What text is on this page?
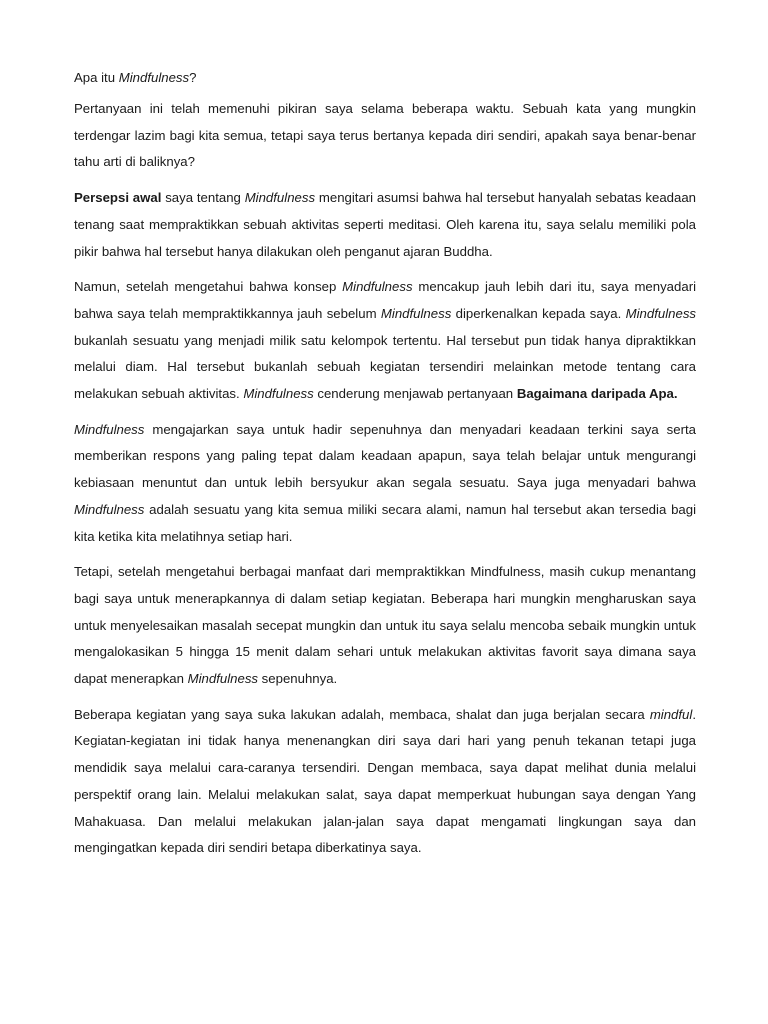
Apa itu Mindfulness?

Pertanyaan ini telah memenuhi pikiran saya selama beberapa waktu. Sebuah kata yang mungkin terdengar lazim bagi kita semua, tetapi saya terus bertanya kepada diri sendiri, apakah saya benar-benar tahu arti di baliknya?

Persepsi awal saya tentang Mindfulness mengitari asumsi bahwa hal tersebut hanyalah sebatas keadaan tenang saat mempraktikkan sebuah aktivitas seperti meditasi. Oleh karena itu, saya selalu memiliki pola pikir bahwa hal tersebut hanya dilakukan oleh penganut ajaran Buddha.

Namun, setelah mengetahui bahwa konsep Mindfulness mencakup jauh lebih dari itu, saya menyadari bahwa saya telah mempraktikkannya jauh sebelum Mindfulness diperkenalkan kepada saya. Mindfulness bukanlah sesuatu yang menjadi milik satu kelompok tertentu. Hal tersebut pun tidak hanya dipraktikkan melalui diam. Hal tersebut bukanlah sebuah kegiatan tersendiri melainkan metode tentang cara melakukan sebuah aktivitas. Mindfulness cenderung menjawab pertanyaan Bagaimana daripada Apa.

Mindfulness mengajarkan saya untuk hadir sepenuhnya dan menyadari keadaan terkini saya serta memberikan respons yang paling tepat dalam keadaan apapun, saya telah belajar untuk mengurangi kebiasaan menuntut dan untuk lebih bersyukur akan segala sesuatu. Saya juga menyadari bahwa Mindfulness adalah sesuatu yang kita semua miliki secara alami, namun hal tersebut akan tersedia bagi kita ketika kita melatihnya setiap hari.

Tetapi, setelah mengetahui berbagai manfaat dari mempraktikkan Mindfulness, masih cukup menantang bagi saya untuk menerapkannya di dalam setiap kegiatan. Beberapa hari mungkin mengharuskan saya untuk menyelesaikan masalah secepat mungkin dan untuk itu saya selalu mencoba sebaik mungkin untuk mengalokasikan 5 hingga 15 menit dalam sehari untuk melakukan aktivitas favorit saya dimana saya dapat menerapkan Mindfulness sepenuhnya.

Beberapa kegiatan yang saya suka lakukan adalah, membaca, shalat dan juga berjalan secara mindful. Kegiatan-kegiatan ini tidak hanya menenangkan diri saya dari hari yang penuh tekanan tetapi juga mendidik saya melalui cara-caranya tersendiri. Dengan membaca, saya dapat melihat dunia melalui perspektif orang lain. Melalui melakukan salat, saya dapat memperkuat hubungan saya dengan Yang Mahakuasa. Dan melalui melakukan jalan-jalan saya dapat mengamati lingkungan saya dan mengingatkan kepada diri sendiri betapa diberkatinya saya.
